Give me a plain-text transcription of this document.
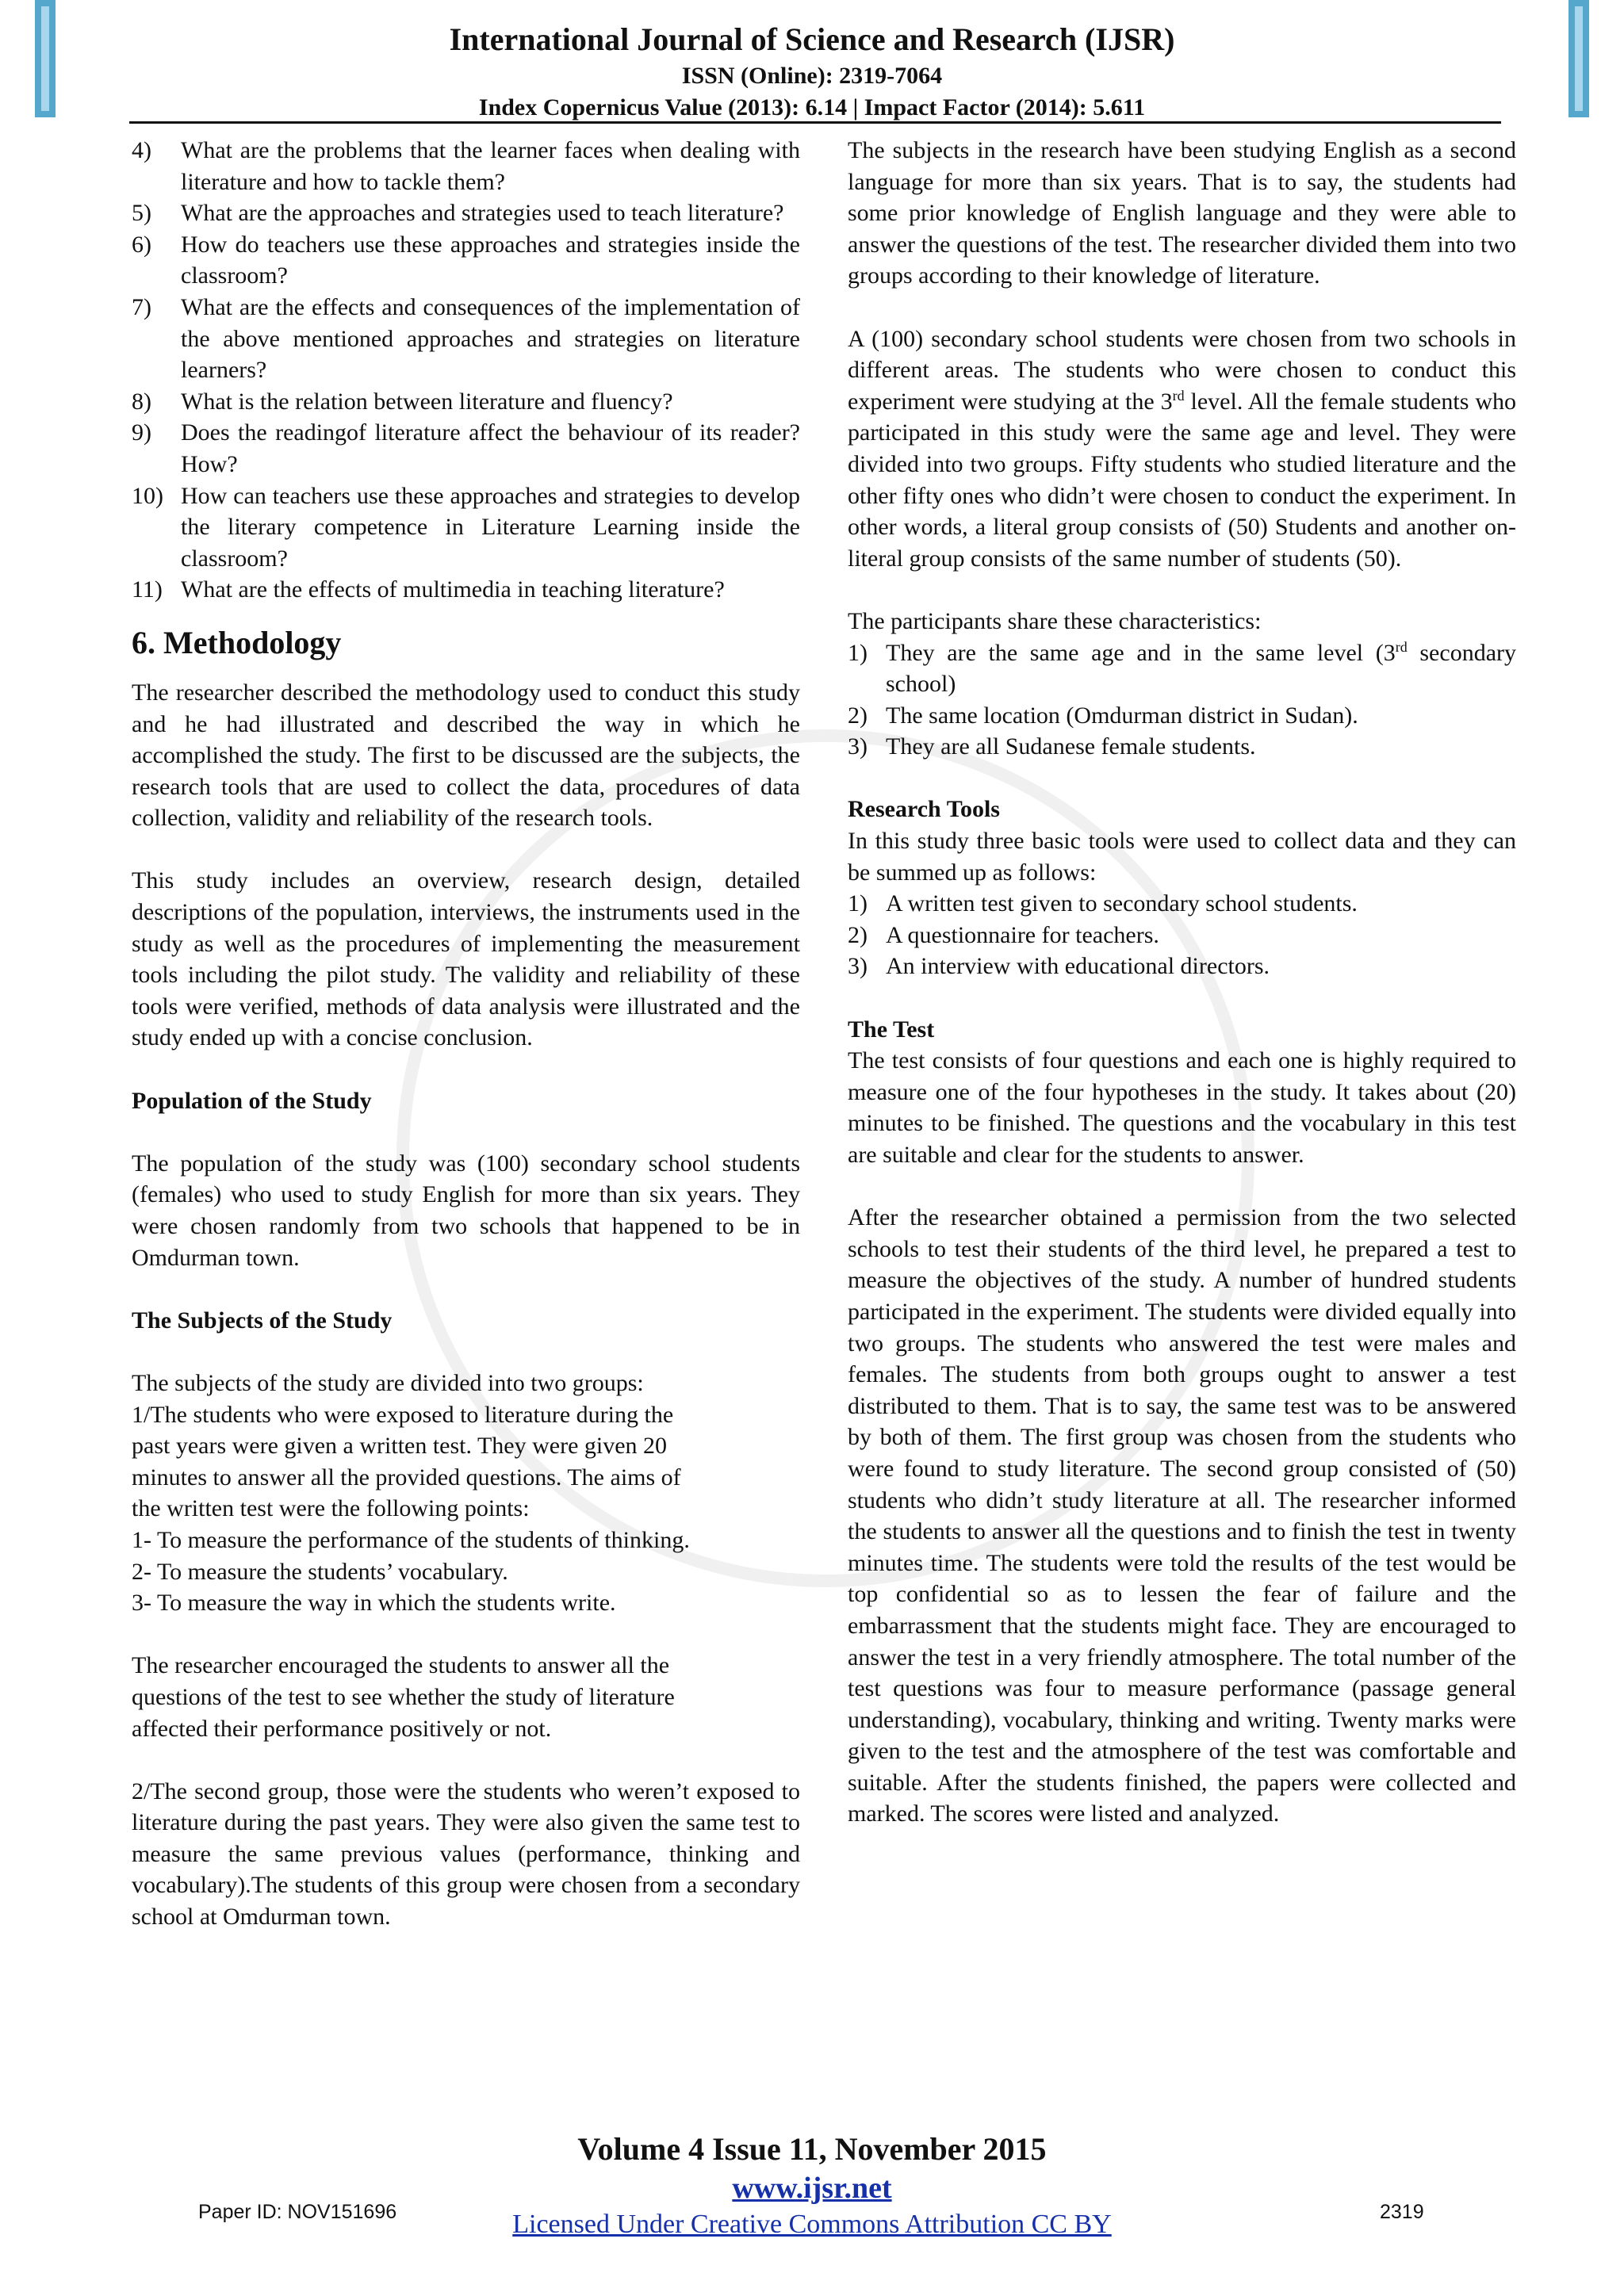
International Journal of Science and Research (IJSR)
ISSN (Online): 2319-7064
Index Copernicus Value (2013): 6.14 | Impact Factor (2014): 5.611
4)	What are the problems that the learner faces when dealing with literature and how to tackle them?
5)	What are the approaches and strategies used to teach literature?
6)	How do teachers use these approaches and strategies inside the classroom?
7)	What are the effects and consequences of the implementation of the above mentioned approaches and strategies on literature learners?
8)	What is the relation between literature and fluency?
9)	Does the readingof literature affect the behaviour of its reader? How?
10) How can teachers use these approaches and strategies to develop the literary competence in Literature Learning inside the classroom?
11) What are the effects of multimedia in teaching literature?
6. Methodology

The researcher described the methodology used to conduct this study and he had illustrated and described the way in which he accomplished the study. The first to be discussed are the subjects, the research tools that are used to collect the data, procedures of data collection, validity and reliability of the research tools.

This study includes an overview, research design, detailed descriptions of the population, interviews, the instruments used in the study as well as the procedures of implementing the measurement tools including the pilot study. The validity and reliability of these tools were verified, methods of data analysis were illustrated and the study ended up with a concise conclusion.

Population of the Study

The population of the study was (100) secondary school students (females) who used to study English for more than six years. They were chosen randomly from two schools that happened to be in Omdurman town.

The Subjects of the Study

The subjects of the study are divided into two groups:
1/The students who were exposed to literature during the
past years were given a written test. They were given 20
minutes to answer all the provided questions. The aims of
the written test were the following points:
1- To measure the performance of the students of thinking.
2- To measure the students’ vocabulary.
3- To measure the way in which the students write.
The researcher encouraged the students to answer all the
questions of the test to see whether the study of literature
affected their performance positively or not.

2/The second group, those were the students who weren’t exposed to literature during the past years. They were also given the same test to measure the same previous values (performance, thinking and vocabulary).The students of this group were chosen from a secondary school at Omdurman town.

The subjects in the research have been studying English as a second language for more than six years. That is to say, the students had some prior knowledge of English language and they were able to answer the questions of the test. The researcher divided them into two groups according to their knowledge of literature.

A (100) secondary school students were chosen from two schools in different areas. The students who were chosen to conduct this experiment were studying at the 3rd level. All the female students who participated in this study were the same age and level. They were divided into two groups. Fifty students who studied literature and the other fifty ones who didn’t were chosen to conduct the experiment. In other words, a literal group consists of (50) Students and another on-literal group consists of the same number of students (50).

The participants share these characteristics:

1) They are the same age and in the same level (3rd secondary school)
2) The same location (Omdurman district in Sudan).
3) They are all Sudanese female students.

Research Tools

In this study three basic tools were used to collect data and they can be summed up as follows:

1) A written test given to secondary school students.
2) A questionnaire for teachers.
3) An interview with educational directors.

The Test

The test consists of four questions and each one is highly required to measure one of the four hypotheses in the study. It takes about (20) minutes to be finished. The questions and the vocabulary in this test are suitable and clear for the students to answer.

After the researcher obtained a permission from the two selected schools to test their students of the third level, he prepared a test to measure the objectives of the study. A number of hundred students participated in the experiment. The students were divided equally into two groups. The students who answered the test were males and females. The students from both groups ought to answer a test distributed to them. That is to say, the same test was to be answered by both of them. The first group was chosen from the students who were found to study literature. The second group consisted of (50) students who didn’t study literature at all. The researcher informed the students to answer all the questions and to finish the test in twenty minutes time. The students were told the results of the test would be top confidential so as to lessen the fear of failure and the embarrassment that the students might face. They are encouraged to answer the test in a very friendly atmosphere. The total number of the test questions was four to measure performance (passage general understanding), vocabulary, thinking and writing. Twenty marks were given to the test and the atmosphere of the test was comfortable and suitable. After the students finished, the papers were collected and marked. The scores were listed and analyzed.

Volume 4 Issue 11, November 2015
www.ijsr.net
Licensed Under Creative Commons Attribution CC BY
Paper ID: NOV151696	2319
